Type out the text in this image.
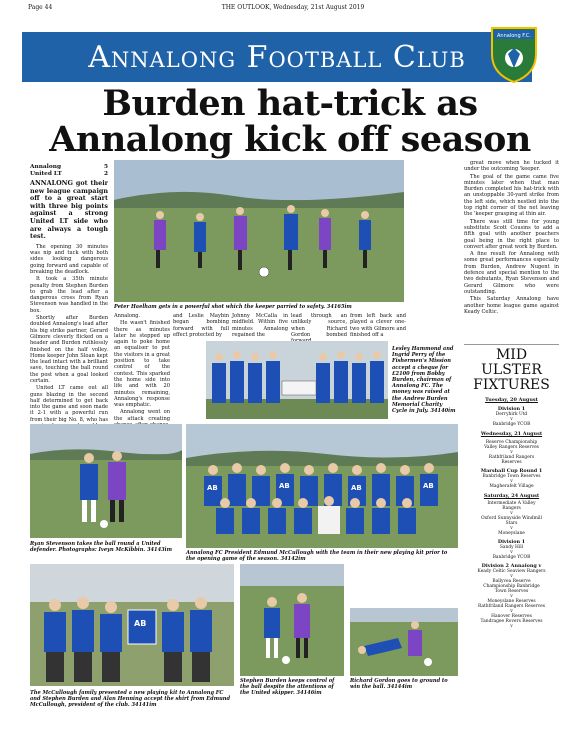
Page 44	THE OUTLOOK, Wednesday, 21st August 2019
Annalong Football Club
Annalong F.C.
Burden hat-trick as Annalong kick off season
Annalong	5
United LT	2
ANNALONG got their new league campaign off to a great start with three big points against a strong United LT side who are always a tough test.

The opening 30 minutes was nip and tuck with both sides looking dangerous going forward and capable of breaking the deadlock.

It took a 35th minute penalty from Stephen Burden to grab the lead after a dangerous cross from Ryan Stevenson was handled in the box.

Shortly after Burden doubled Annalong's lead after his big strike partner, Gerard Gilmore cleverly flicked on a header and Burden ruthlessly finished on the half volley. Home keeper John Sloan kept the lead intact with a brilliant save, touching the ball round the post when a goal looked certain.

United LT came out all guns blazing in the second half determined to get back into the game and soon made it 2-1 with a powerful run from their big No. 8, who has

Peter Haelham gets in a powerful shot which the keeper parried to safety. 34165im

Annalong.

He wasn't finished there as minutes later he stepped up again to poke home an equaliser to put the visitors in a great position to take control of the contest. This sparked the home side into life and with 20 minutes remaining, Annalong's response was emphatic.

Annalong went on the attack creating

and Leslie Maybin began bombing forward with full effect protected by
Johnny McCalla in midfield. Within five minutes Annalong regained the
lead through an unlikely source, when Richard Gordon bombed
from left back and played a clever one-two with Gilmore and finished off a

great move when he tucked it under the outcoming 'keeper.

The goal of the game came five minutes later when that man Burden completed his hat-trick with an unstoppable 30-yard strike from the left side, which nestled into the top right corner of the net leaving the 'keeper grasping at thin air.

There was still time for young substitute Scott Cousins to add a fifth goal with another poachers goal being in the right place to convert after great work by Burden.

A fine result for Annalong with some great performances especially from Burden, Andrew Nugent in defence and special mention to the two debutants, Ryan Stevenson and Gerard Gilmore who were outstanding.

This Saturday Annalong have another home league game against Keady Celtic.

Lesley Hammond and Ingrid Perry of the Fishermen's Mission accept a cheque for £2100 from Bobby Burden, chairman of Annalong FC. The money was raised at the Andrew Burden Memorial Charity Cycle in July. 34140im
MID ULSTER FIXTURES
Tuesday, 20 August
Division 1
Derryhirk Utd
v
Banbridge YCOB
Wednesday, 21 August
Reserve Championship
Valley Rangers Reserves
v
Rathfriland Rangers
Reserves
Marshall Cup Round 1
Banbridge Town Reserves
v
Magherafelt Village
Saturday, 24 August
Intermediate A Valley
Rangers
v
Oxford Sunnyside Windmill
Stars
v
Moneyslane
Division 1
Sandy Hill
v
Banbridge YCOB
Division 2 Annalong v
Keady Celtic Seaview Rangers
v
Ballyvea Reserve
Championship Banbridge
Town Reserves
v
Moneyslane Reserves
Rathfriland Rangers Reserves
v
Hanover Reserves
Tandragee Rovers Reserves
v
Ryan Stevenson takes the ball round a United defender. Photographs: Iveyn McKibbin. 34143im
AB	AB	AB	AB
Annalong FC President Edmund McCullough with the team in their new playing kit prior to the opening game of the season. 34142im
AB
The McCullough family presented a new playing kit to Annalong FC and Stephen Burden and Alan Henning accept the shirt from Edmund McCullough, president of the club. 34141im
Stephen Burden keeps control of the ball despite the attentions of the United skipper. 34146im
Richard Gordon goes to ground to win the ball. 34144im
